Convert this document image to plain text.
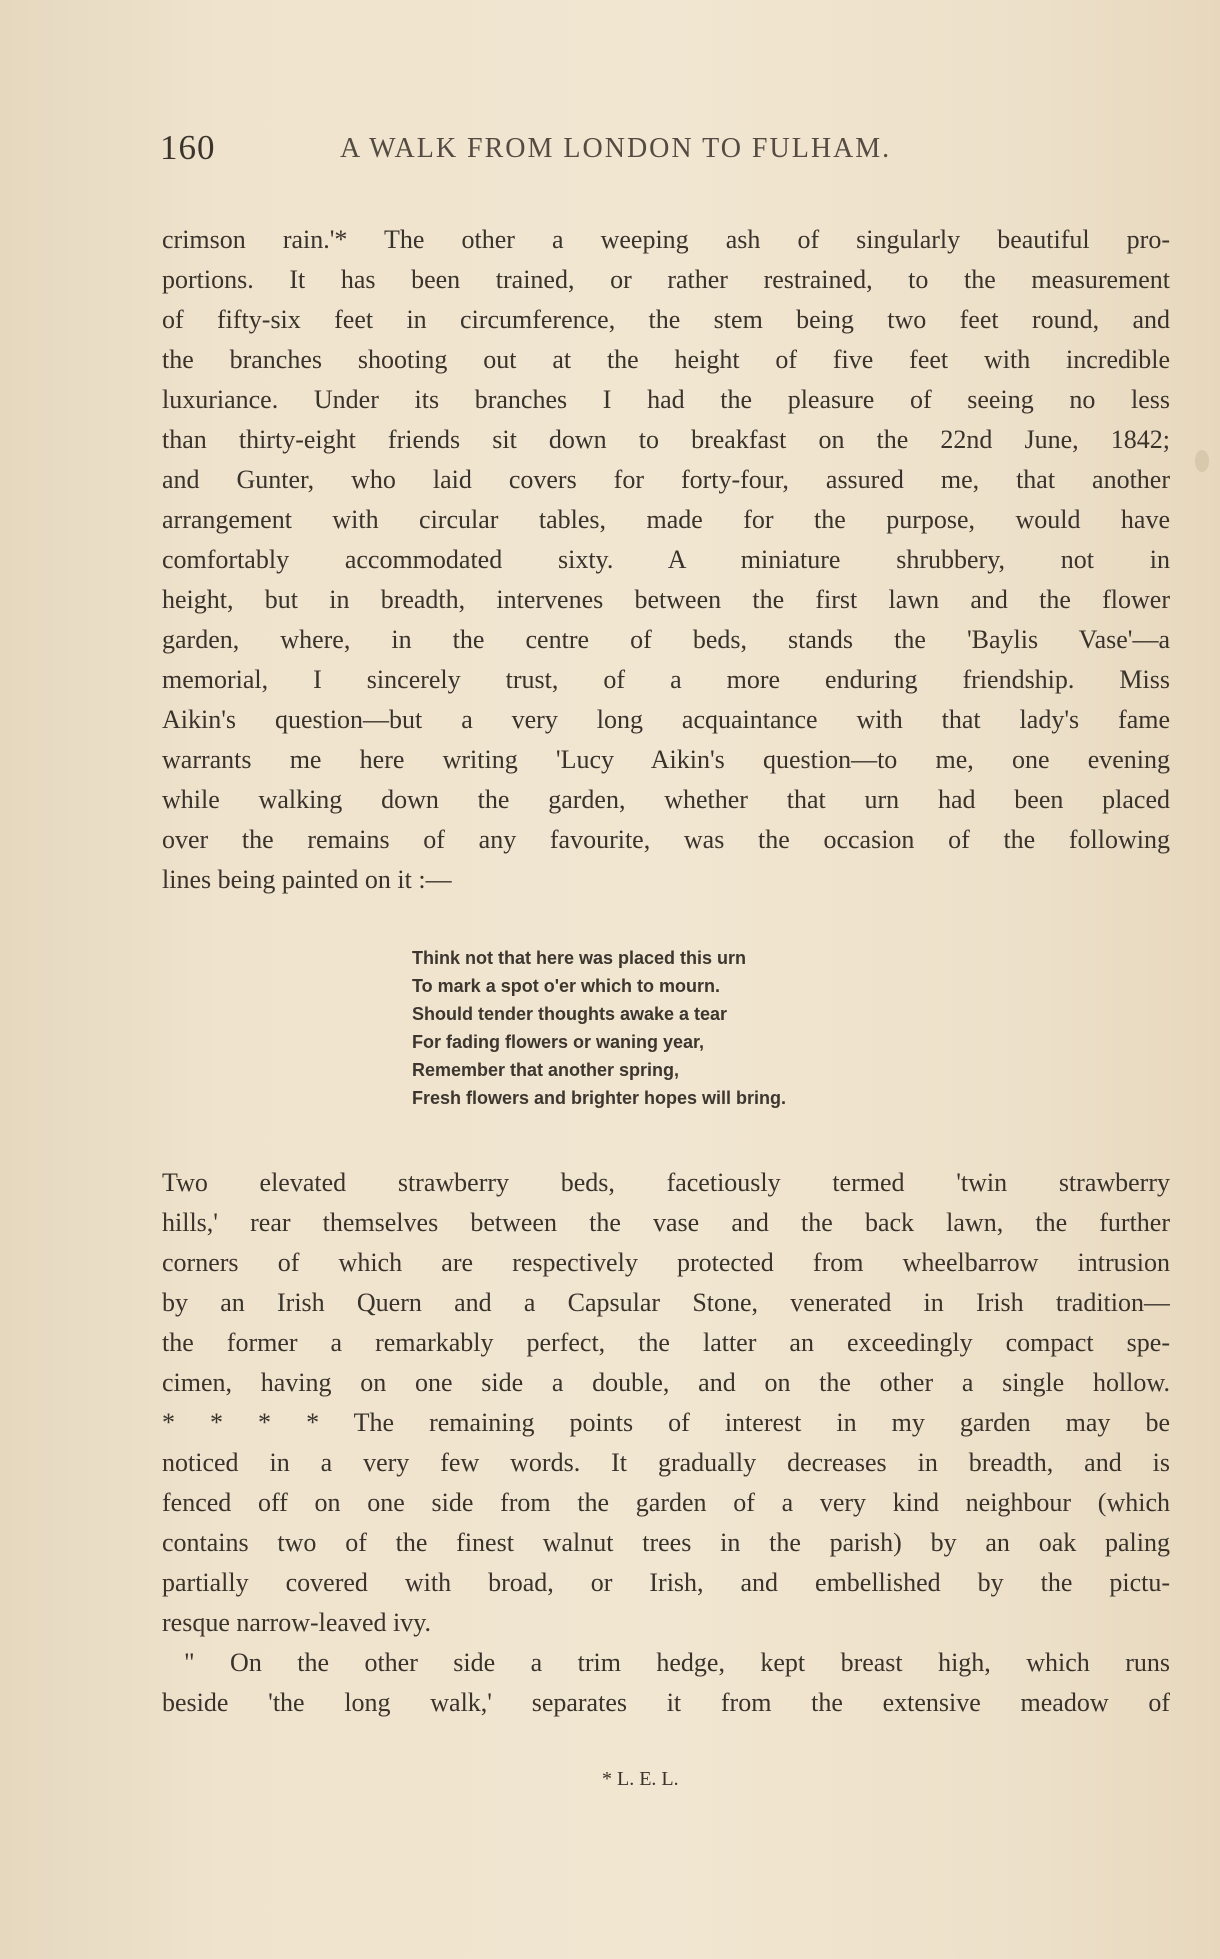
160	A WALK FROM LONDON TO FULHAM.
crimson rain.'* The other a weeping ash of singularly beautiful pro-
portions. It has been trained, or rather restrained, to the measurement
of fifty-six feet in circumference, the stem being two feet round, and
the branches shooting out at the height of five feet with incredible
luxuriance. Under its branches I had the pleasure of seeing no less
than thirty-eight friends sit down to breakfast on the 22nd June, 1842;
and Gunter, who laid covers for forty-four, assured me, that another
arrangement with circular tables, made for the purpose, would have
comfortably accommodated sixty. A miniature shrubbery, not in
height, but in breadth, intervenes between the first lawn and the flower
garden, where, in the centre of beds, stands the 'Baylis Vase'—a
memorial, I sincerely trust, of a more enduring friendship. Miss
Aikin's question—but a very long acquaintance with that lady's fame
warrants me here writing 'Lucy Aikin's question—to me, one evening
while walking down the garden, whether that urn had been placed
over the remains of any favourite, was the occasion of the following
lines being painted on it :—
Think not that here was placed this urn
To mark a spot o'er which to mourn.
Should tender thoughts awake a tear
For fading flowers or waning year,
Remember that another spring,
Fresh flowers and brighter hopes will bring.
Two elevated strawberry beds, facetiously termed 'twin strawberry
hills,' rear themselves between the vase and the back lawn, the further
corners of which are respectively protected from wheelbarrow intrusion
by an Irish Quern and a Capsular Stone, venerated in Irish tradition—
the former a remarkably perfect, the latter an exceedingly compact spe-
cimen, having on one side a double, and on the other a single hollow.
* * * * The remaining points of interest in my garden may be
noticed in a very few words. It gradually decreases in breadth, and is
fenced off on one side from the garden of a very kind neighbour (which
contains two of the finest walnut trees in the parish) by an oak paling
partially covered with broad, or Irish, and embellished by the pictu-
resque narrow-leaved ivy.
" On the other side a trim hedge, kept breast high, which runs
beside 'the long walk,' separates it from the extensive meadow of
* L. E. L.
